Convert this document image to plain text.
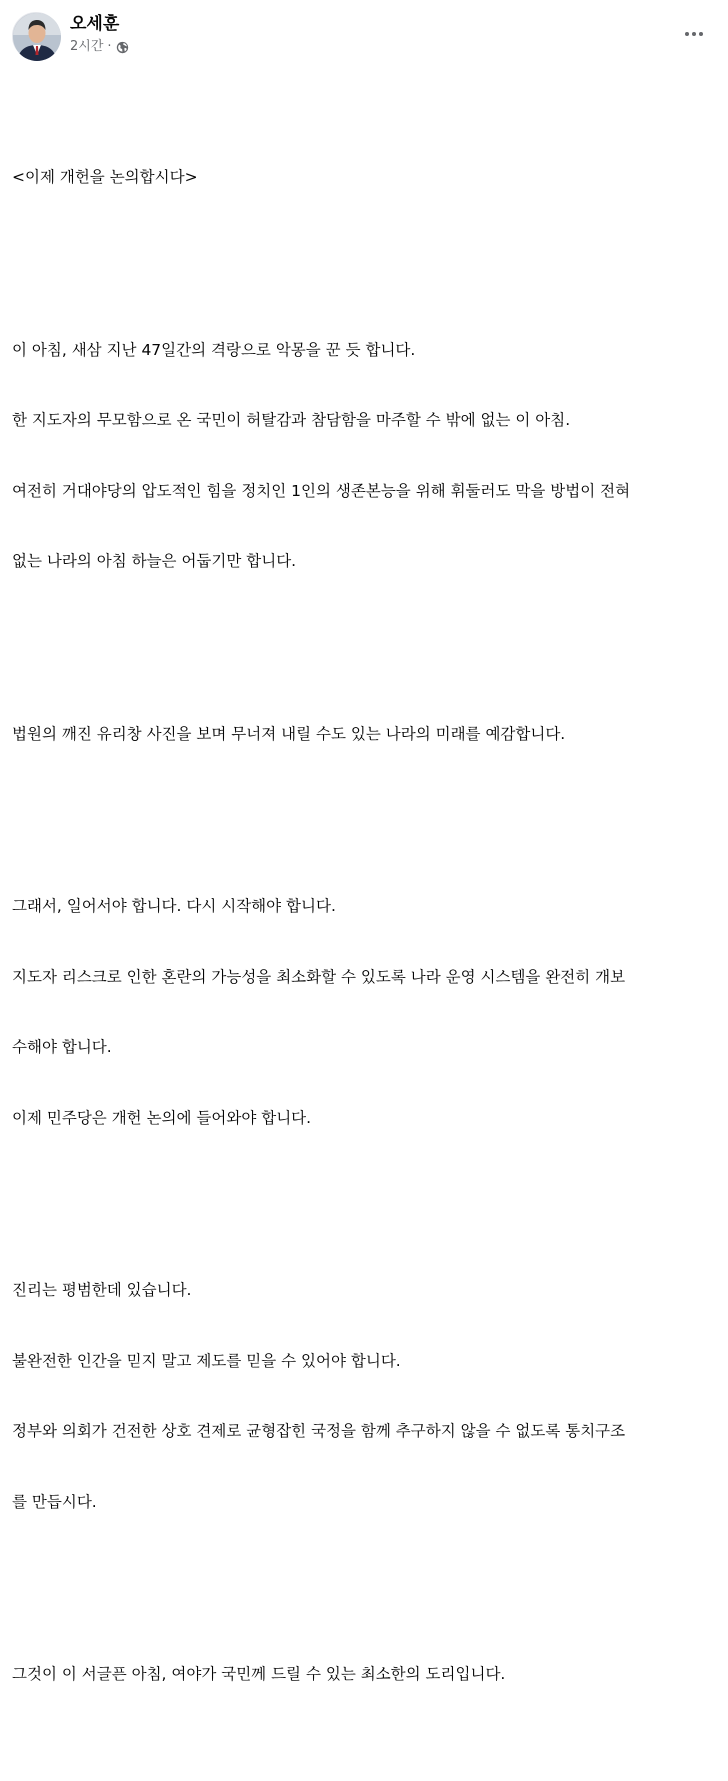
오세훈
2시간 ·

<이제 개헌을 논의합시다>

이 아침, 새삼 지난 47일간의 격랑으로 악몽을 꾼 듯 합니다.

한 지도자의 무모함으로 온 국민이 허탈감과 참담함을 마주할 수 밖에 없는 이 아침.

여전히 거대야당의 압도적인 힘을 정치인 1인의 생존본능을 위해 휘둘러도 막을 방법이 전혀

없는 나라의 아침 하늘은 어둡기만 합니다.

법원의 깨진 유리창 사진을 보며 무너져 내릴 수도 있는 나라의 미래를 예감합니다.

그래서, 일어서야 합니다. 다시 시작해야 합니다.

지도자 리스크로 인한 혼란의 가능성을 최소화할 수 있도록 나라 운영 시스템을 완전히 개보

수해야 합니다.

이제 민주당은 개헌 논의에 들어와야 합니다.

진리는 평범한데 있습니다.

불완전한 인간을 믿지 말고 제도를 믿을 수 있어야 합니다.

정부와 의회가 건전한 상호 견제로 균형잡힌 국정을 함께 추구하지 않을 수 없도록 통치구조

를 만듭시다.

그것이 이 서글픈 아침, 여야가 국민께 드릴 수 있는 최소한의 도리입니다.
